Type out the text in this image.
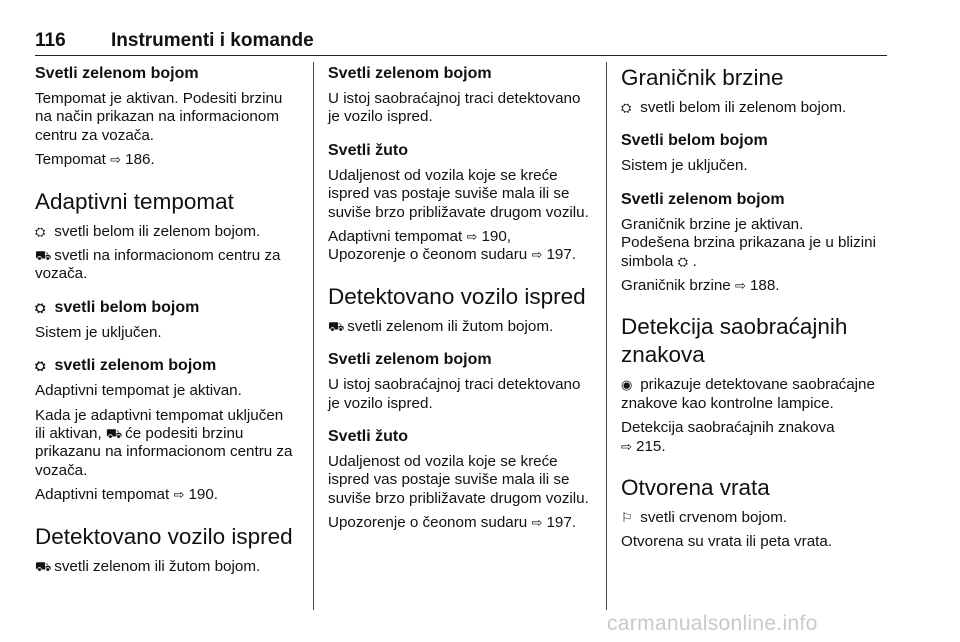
116 Instrumenti i komande
Svetli zelenom bojom

Tempomat je aktivan. Podesiti brzinu na način prikazan na informacionom centru za vozača.

Tempomat ⇨ 186.

Adaptivni tempomat

⛭ svetli belom ili zelenom bojom.

⛟ svetli na informacionom centru za vozača.

⛭ svetli belom bojom

Sistem je uključen.

⛭ svetli zelenom bojom

Adaptivni tempomat je aktivan.

Kada je adaptivni tempomat uključen ili aktivan, ⛟ će podesiti brzinu prikazanu na informacionom centru za vozača.

Adaptivni tempomat ⇨ 190.

Detektovano vozilo ispred

⛟ svetli zelenom ili žutom bojom.

Svetli zelenom bojom

U istoj saobraćajnoj traci detektovano je vozilo ispred.

Svetli žuto

Udaljenost od vozila koje se kreće ispred vas postaje suviše mala ili se suviše brzo približavate drugom vozilu.

Adaptivni tempomat ⇨ 190,

Upozorenje o čeonom sudaru ⇨ 197.

Detektovano vozilo ispred

⛟ svetli zelenom ili žutom bojom.

Svetli zelenom bojom

U istoj saobraćajnoj traci detektovano je vozilo ispred.

Svetli žuto

Udaljenost od vozila koje se kreće ispred vas postaje suviše mala ili se suviše brzo približavate drugom vozilu.

Upozorenje o čeonom sudaru ⇨ 197.

Graničnik brzine

⛭ svetli belom ili zelenom bojom.

Svetli belom bojom

Sistem je uključen.

Svetli zelenom bojom

Graničnik brzine je aktivan.

Podešena brzina prikazana je u blizini simbola ⛭ .

Graničnik brzine ⇨ 188.

Detekcija saobraćajnih znakova

◉ prikazuje detektovane saobraćajne znakove kao kontrolne lampice.

Detekcija saobraćajnih znakova
⇨ 215.

Otvorena vrata

⚐ svetli crvenom bojom.

Otvorena su vrata ili peta vrata.

carmanualsonline.info
